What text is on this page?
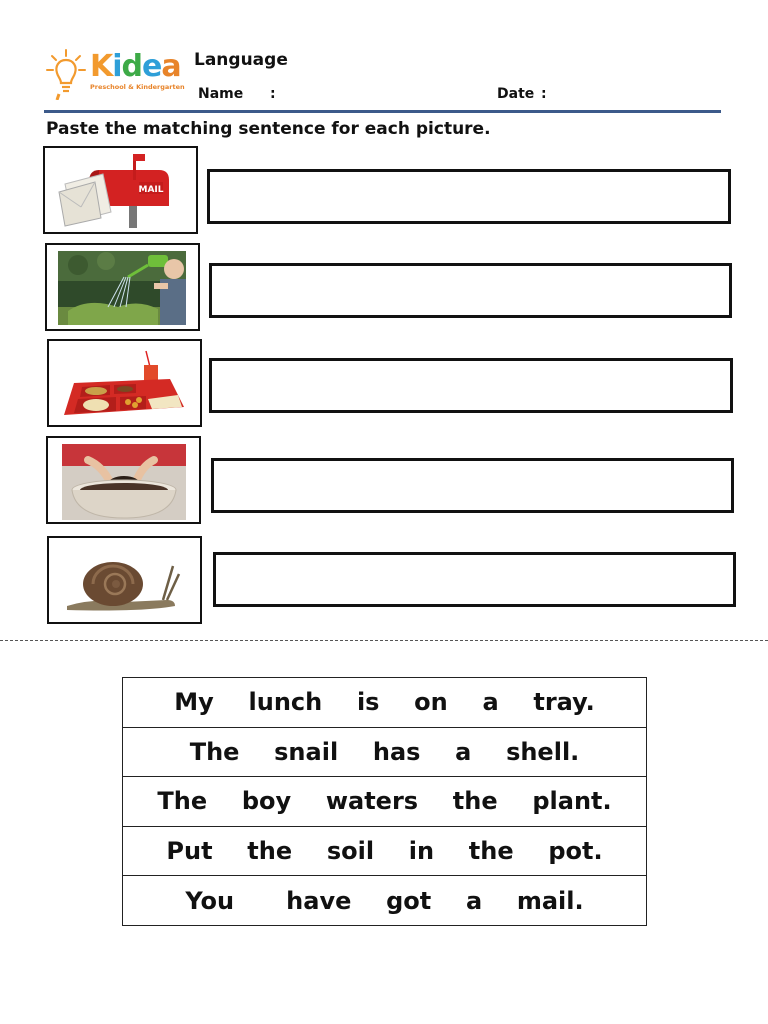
Kidea
Preschool & Kindergarten
Language
Name :	Date :
Paste the matching sentence for each picture.
MAIL
My  lunch  is  on  a  tray.
The  snail  has  a  shell.
The  boy  waters  the  plant.
Put  the  soil  in  the  pot.
You   have  got  a  mail.
